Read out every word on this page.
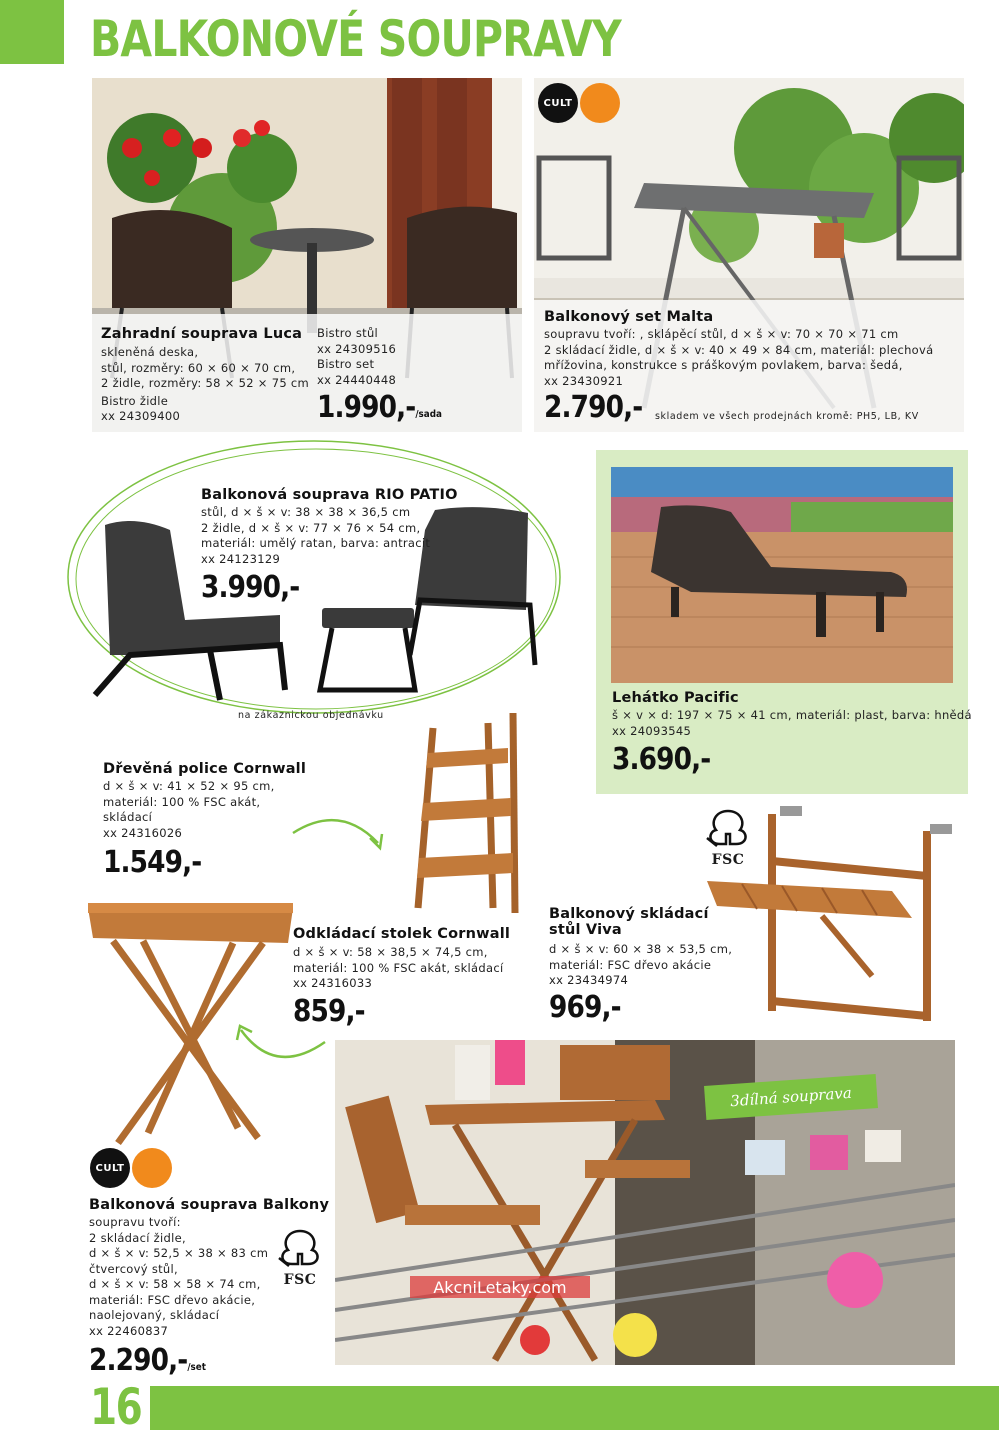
BALKONOVÉ SOUPRAVY
Zahradní souprava Luca
skleněná deska,
stůl, rozměry: 60 × 60 × 70 cm,
2 židle, rozměry: 58 × 52 × 75 cm
Bistro židle
xx 24309400
Bistro stůl
xx 24309516
Bistro set
xx 24440448
1.990,-/sada
CULT
Balkonový set Malta
soupravu tvoří: , sklápěcí stůl, d × š × v: 70 × 70 × 71 cm
2 skládací židle, d × š × v: 40 × 49 × 84 cm, materiál: plechová
mřížovina, konstrukce s práškovým povlakem, barva: šedá,
xx 23430921
2.790,- skladem ve všech prodejnách kromě: PH5, LB, KV
Balkonová souprava RIO PATIO
stůl, d × š × v: 38 × 38 × 36,5 cm
2 židle, d × š × v: 77 × 76 × 54 cm,
materiál: umělý ratan, barva: antracit
xx 24123129
3.990,-
na zákaznickou objednávku
Lehátko Pacific
š × v × d: 197 × 75 × 41 cm, materiál: plast, barva: hnědá
xx 24093545
3.690,-
Dřevěná police Cornwall
d × š × v: 41 × 52 × 95 cm,
materiál: 100 % FSC akát,
skládací
xx 24316026
1.549,-	FSC
Balkonový skládací
stůl Viva
d × š × v: 60 × 38 × 53,5 cm,
materiál: FSC dřevo akácie
xx 23434974
969,-
Odkládací stolek Cornwall
d × š × v: 58 × 38,5 × 74,5 cm,
materiál: 100 % FSC akát, skládací
xx 24316033
859,-
3dílná souprava
CULT
Balkonová souprava Balkony
soupravu tvoří:
2 skládací židle,
d × š × v: 52,5 × 38 × 83 cm
čtvercový stůl,
d × š × v: 58 × 58 × 74 cm,
materiál: FSC dřevo akácie,
naolejovaný, skládací
xx 22460837
2.290,-/set
FSC	AkcniLetaky.com
16
